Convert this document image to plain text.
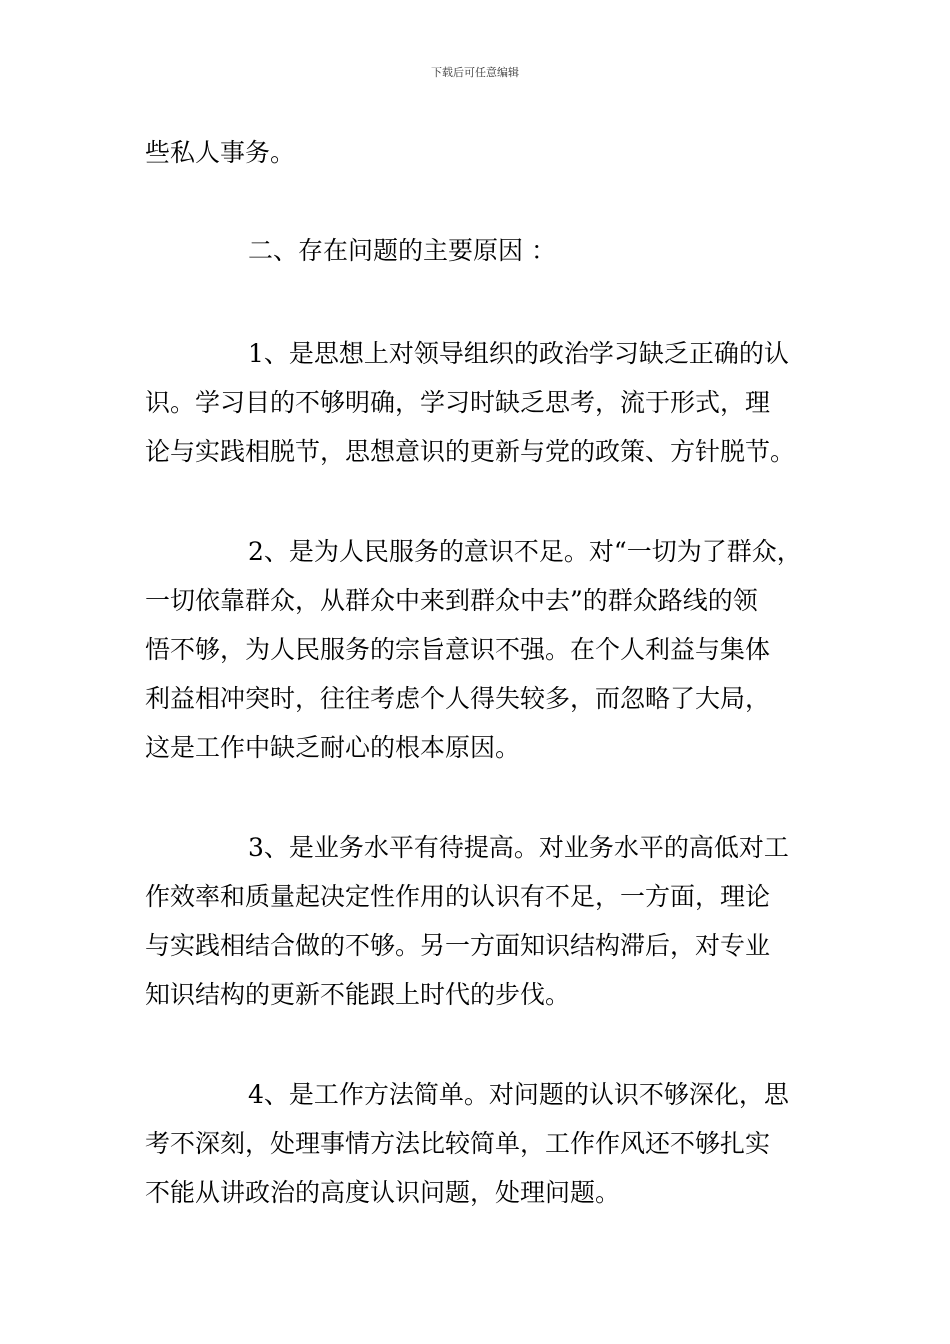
下载后可任意编辑
些私人事务。
二、存在问题的主要原因 ：
1、是思想上对领导组织的政治学习缺乏正确的认
识。学习目的不够明确，学习时缺乏思考，流于形式，理
论与实践相脱节，思想意识的更新与党的政策、方针脱节。
2、是为人民服务的意识不足。对“一切为了群众，
一切依靠群众，从群众中来到群众中去”的群众路线的领
悟不够，为人民服务的宗旨意识不强。在个人利益与集体
利益相冲突时，往往考虑个人得失较多，而忽略了大局，
这是工作中缺乏耐心的根本原因。
3、是业务水平有待提高。对业务水平的高低对工
作效率和质量起决定性作用的认识有不足，一方面，理论
与实践相结合做的不够。另一方面知识结构滞后，对专业
知识结构的更新不能跟上时代的步伐。
4、是工作方法简单。对问题的认识不够深化，思
考不深刻，处理事情方法比较简单，工作作风还不够扎实
不能从讲政治的高度认识问题，处理问题。
